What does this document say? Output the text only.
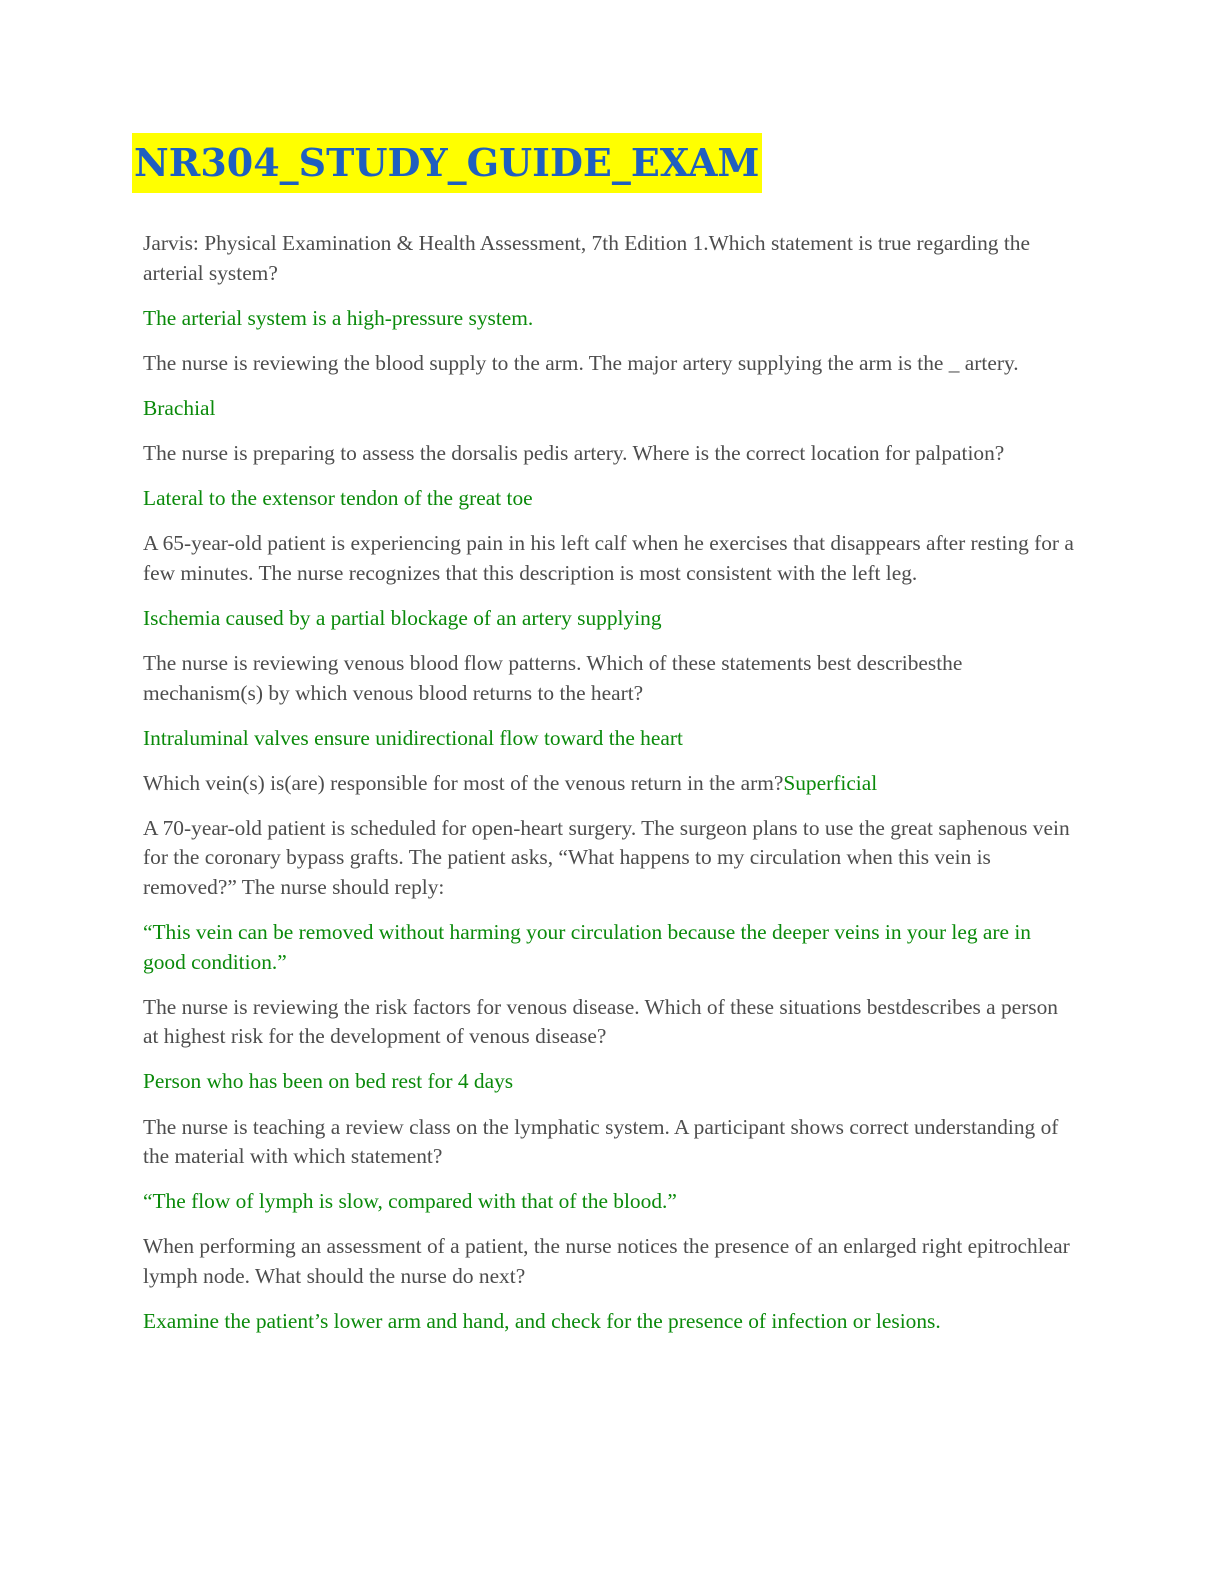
NR304_STUDY_GUIDE_EXAM

Jarvis: Physical Examination & Health Assessment, 7th Edition 1.Which statement is true regarding the arterial system?

The arterial system is a high-pressure system.

The nurse is reviewing the blood supply to the arm. The major artery supplying the arm is the _ artery.

Brachial

The nurse is preparing to assess the dorsalis pedis artery. Where is the correct location for palpation?

Lateral to the extensor tendon of the great toe

A 65-year-old patient is experiencing pain in his left calf when he exercises that disappears after resting for a few minutes. The nurse recognizes that this description is most consistent with the left leg.

Ischemia caused by a partial blockage of an artery supplying

The nurse is reviewing venous blood flow patterns. Which of these statements best describesthe mechanism(s) by which venous blood returns to the heart?

Intraluminal valves ensure unidirectional flow toward the heart

Which vein(s) is(are) responsible for most of the venous return in the arm?Superficial

A 70-year-old patient is scheduled for open-heart surgery. The surgeon plans to use the great saphenous vein for the coronary bypass grafts. The patient asks, “What happens to my circulation when this vein is removed?” The nurse should reply:

“This vein can be removed without harming your circulation because the deeper veins in your leg are in good condition.”

The nurse is reviewing the risk factors for venous disease. Which of these situations bestdescribes a person at highest risk for the development of venous disease?

Person who has been on bed rest for 4 days

The nurse is teaching a review class on the lymphatic system. A participant shows correct understanding of the material with which statement?

“The flow of lymph is slow, compared with that of the blood.”

When performing an assessment of a patient, the nurse notices the presence of an enlarged right epitrochlear lymph node. What should the nurse do next?

Examine the patient’s lower arm and hand, and check for the presence of infection or lesions.
